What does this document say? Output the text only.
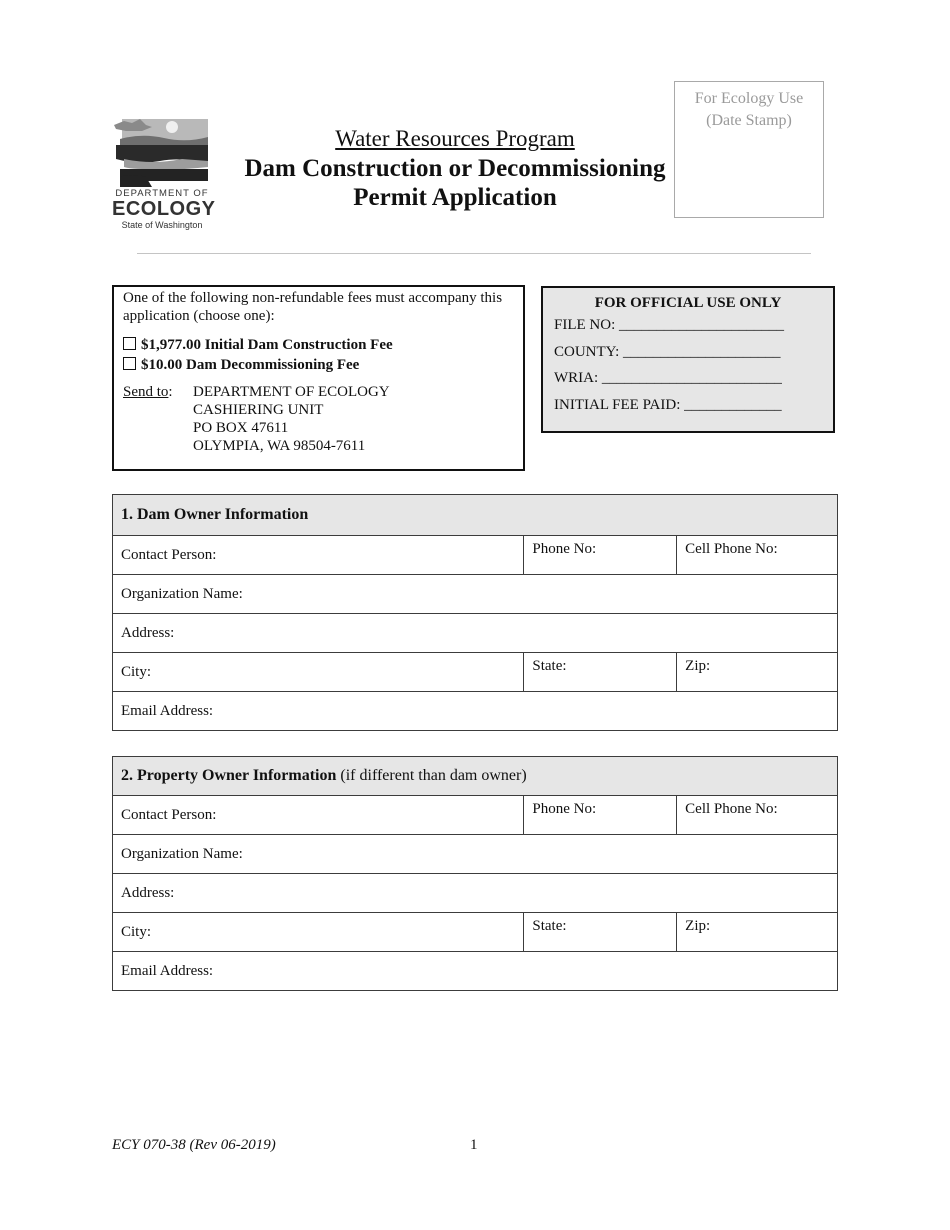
DEPARTMENT OF
ECOLOGY
State of Washington
Water Resources Program
Dam Construction or Decommissioning
Permit Application
For Ecology Use
(Date Stamp)
One of the following non-refundable fees must accompany this application (choose one):
$1,977.00 Initial Dam Construction Fee
$10.00 Dam Decommissioning Fee
Send to:	DEPARTMENT OF ECOLOGY
CASHIERING UNIT
PO BOX 47611
OLYMPIA, WA 98504-7611
FOR OFFICIAL USE ONLY
FILE NO: ______________________
COUNTY: _____________________
WRIA: ________________________
INITIAL FEE PAID: _____________
1. Dam Owner Information		
Contact Person:	Phone No:	Cell Phone No:
Organization Name:		
Address:		
City:	State:	Zip:
Email Address:		
2. Property Owner Information (if different than dam owner)		
Contact Person:	Phone No:	Cell Phone No:
Organization Name:		
Address:		
City:	State:	Zip:
Email Address:		
ECY 070-38 (Rev 06-2019)	1
